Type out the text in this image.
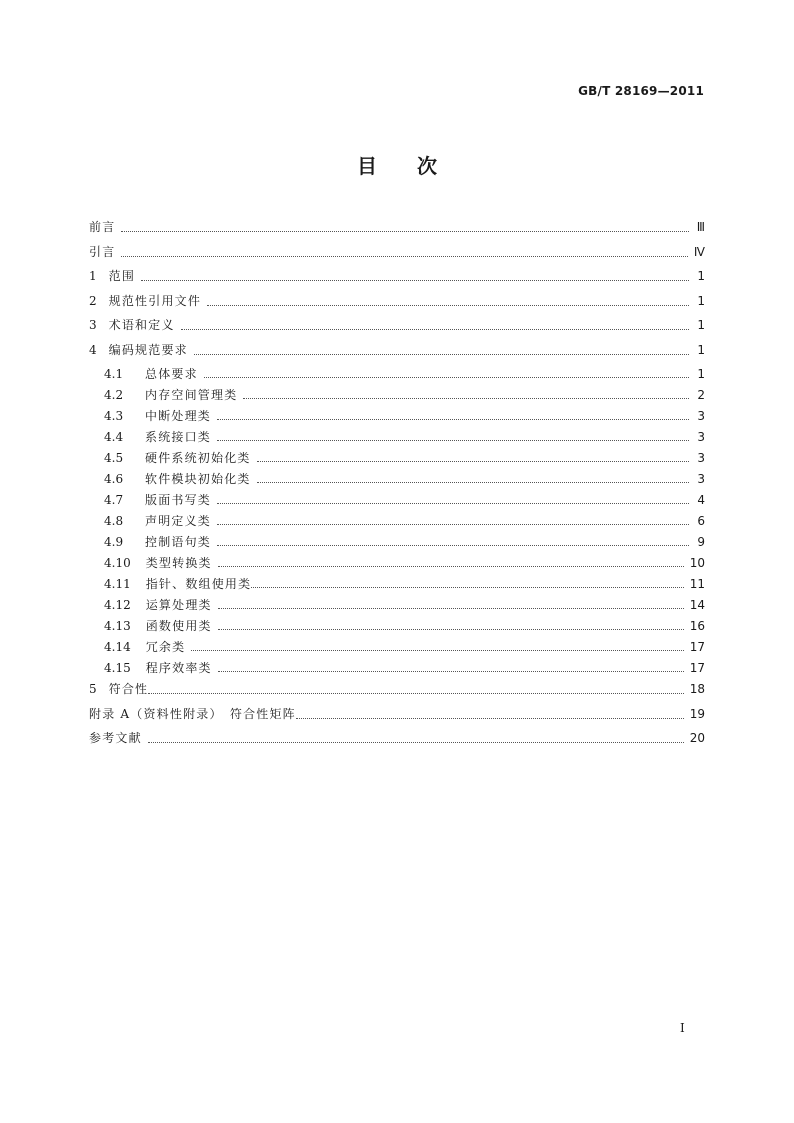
GB/T 28169—2011
目　　次
前言	Ⅲ
引言	Ⅳ
1 范围	1
2 规范性引用文件	1
3 术语和定义	1
4 编码规范要求	1
4.1	总体要求	1
4.2	内存空间管理类	2
4.3	中断处理类	3
4.4	系统接口类	3
4.5	硬件系统初始化类	3
4.6	软件模块初始化类	3
4.7	版面书写类	4
4.8	声明定义类	6
4.9	控制语句类	9
4.10 类型转换类	10
4.11 指针、数组使用类	11
4.12 运算处理类	14
4.13 函数使用类	16
4.14 冗余类	17
4.15 程序效率类	17
5 符合性	18
附录 A（资料性附录）　符合性矩阵	19
参考文献	20
Ⅰ
